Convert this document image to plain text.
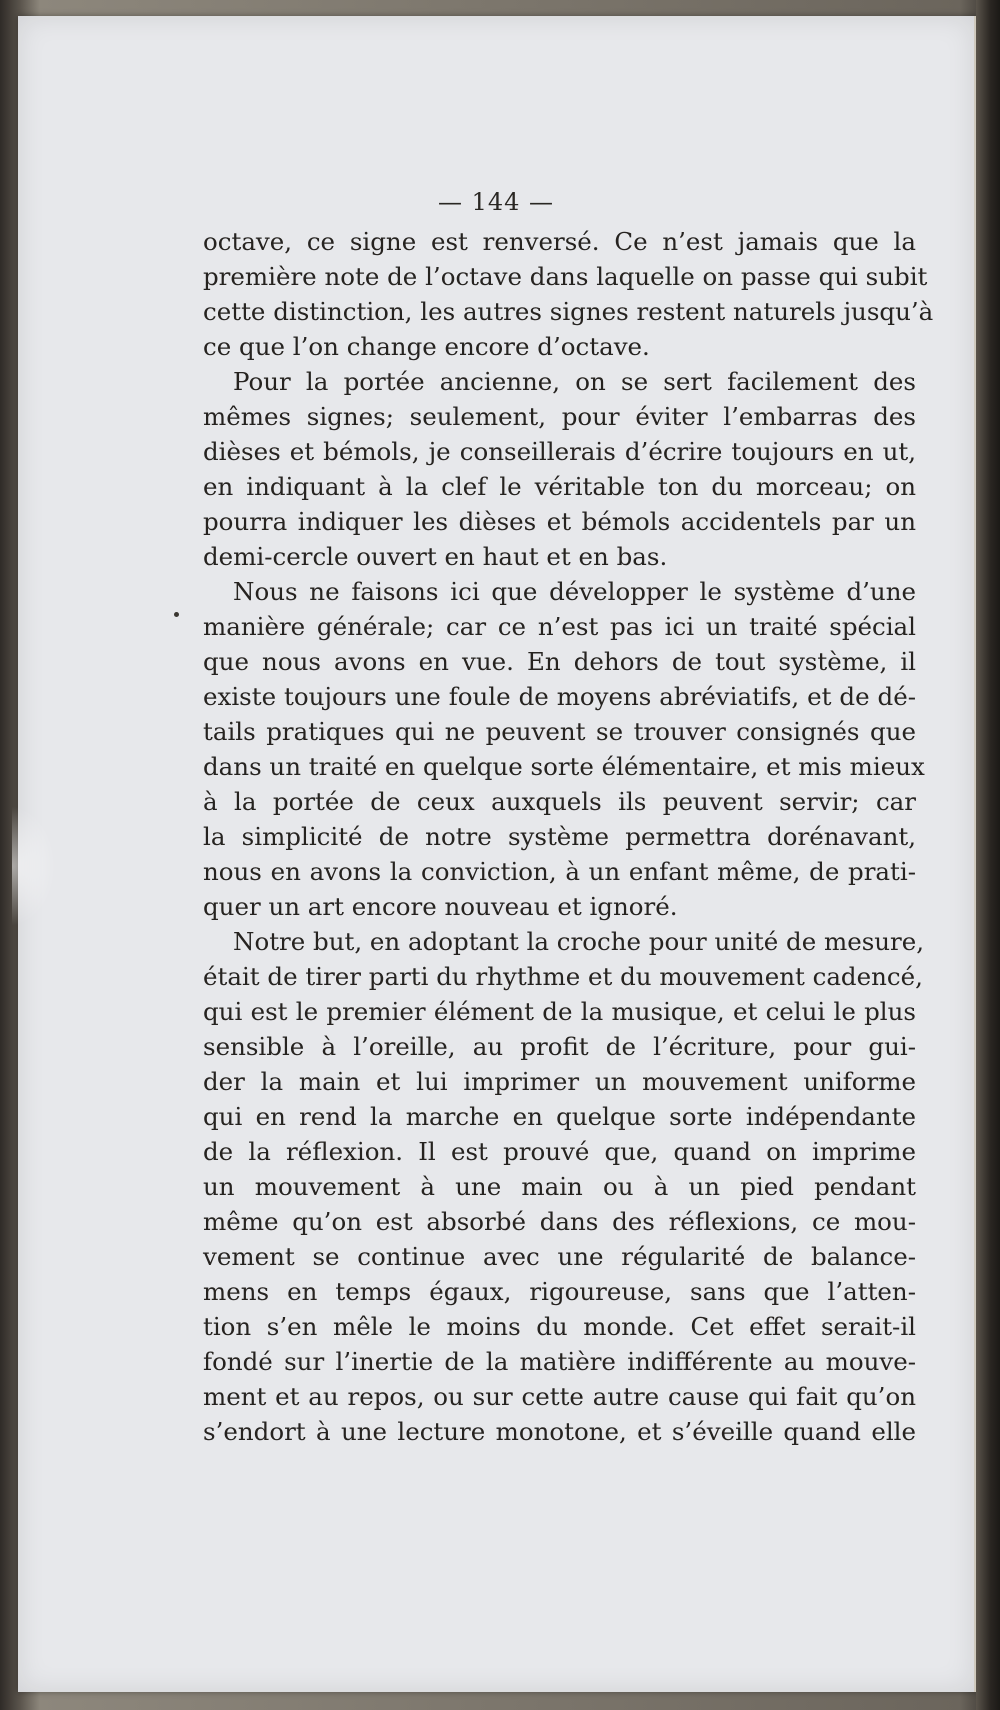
— 144 —
octave, ce signe est renversé. Ce n’est jamais que la
première note de l’octave dans laquelle on passe qui subit
cette distinction, les autres signes restent naturels jusqu’à
ce que l’on change encore d’octave.
Pour la portée ancienne, on se sert facilement des
mêmes signes; seulement, pour éviter l’embarras des
dièses et bémols, je conseillerais d’écrire toujours en ut,
en indiquant à la clef le véritable ton du morceau; on
pourra indiquer les dièses et bémols accidentels par un
demi-cercle ouvert en haut et en bas.
Nous ne faisons ici que développer le système d’une
manière générale; car ce n’est pas ici un traité spécial
que nous avons en vue. En dehors de tout système, il
existe toujours une foule de moyens abréviatifs, et de dé-
tails pratiques qui ne peuvent se trouver consignés que
dans un traité en quelque sorte élémentaire, et mis mieux
à la portée de ceux auxquels ils peuvent servir; car
la simplicité de notre système permettra dorénavant,
nous en avons la conviction, à un enfant même, de prati-
quer un art encore nouveau et ignoré.
Notre but, en adoptant la croche pour unité de mesure,
était de tirer parti du rhythme et du mouvement cadencé,
qui est le premier élément de la musique, et celui le plus
sensible à l’oreille, au profit de l’écriture, pour gui-
der la main et lui imprimer un mouvement uniforme
qui en rend la marche en quelque sorte indépendante
de la réflexion. Il est prouvé que, quand on imprime
un mouvement à une main ou à un pied pendant
même qu’on est absorbé dans des réflexions, ce mou-
vement se continue avec une régularité de balance-
mens en temps égaux, rigoureuse, sans que l’atten-
tion s’en mêle le moins du monde. Cet effet serait-il
fondé sur l’inertie de la matière indifférente au mouve-
ment et au repos, ou sur cette autre cause qui fait qu’on
s’endort à une lecture monotone, et s’éveille quand elle
